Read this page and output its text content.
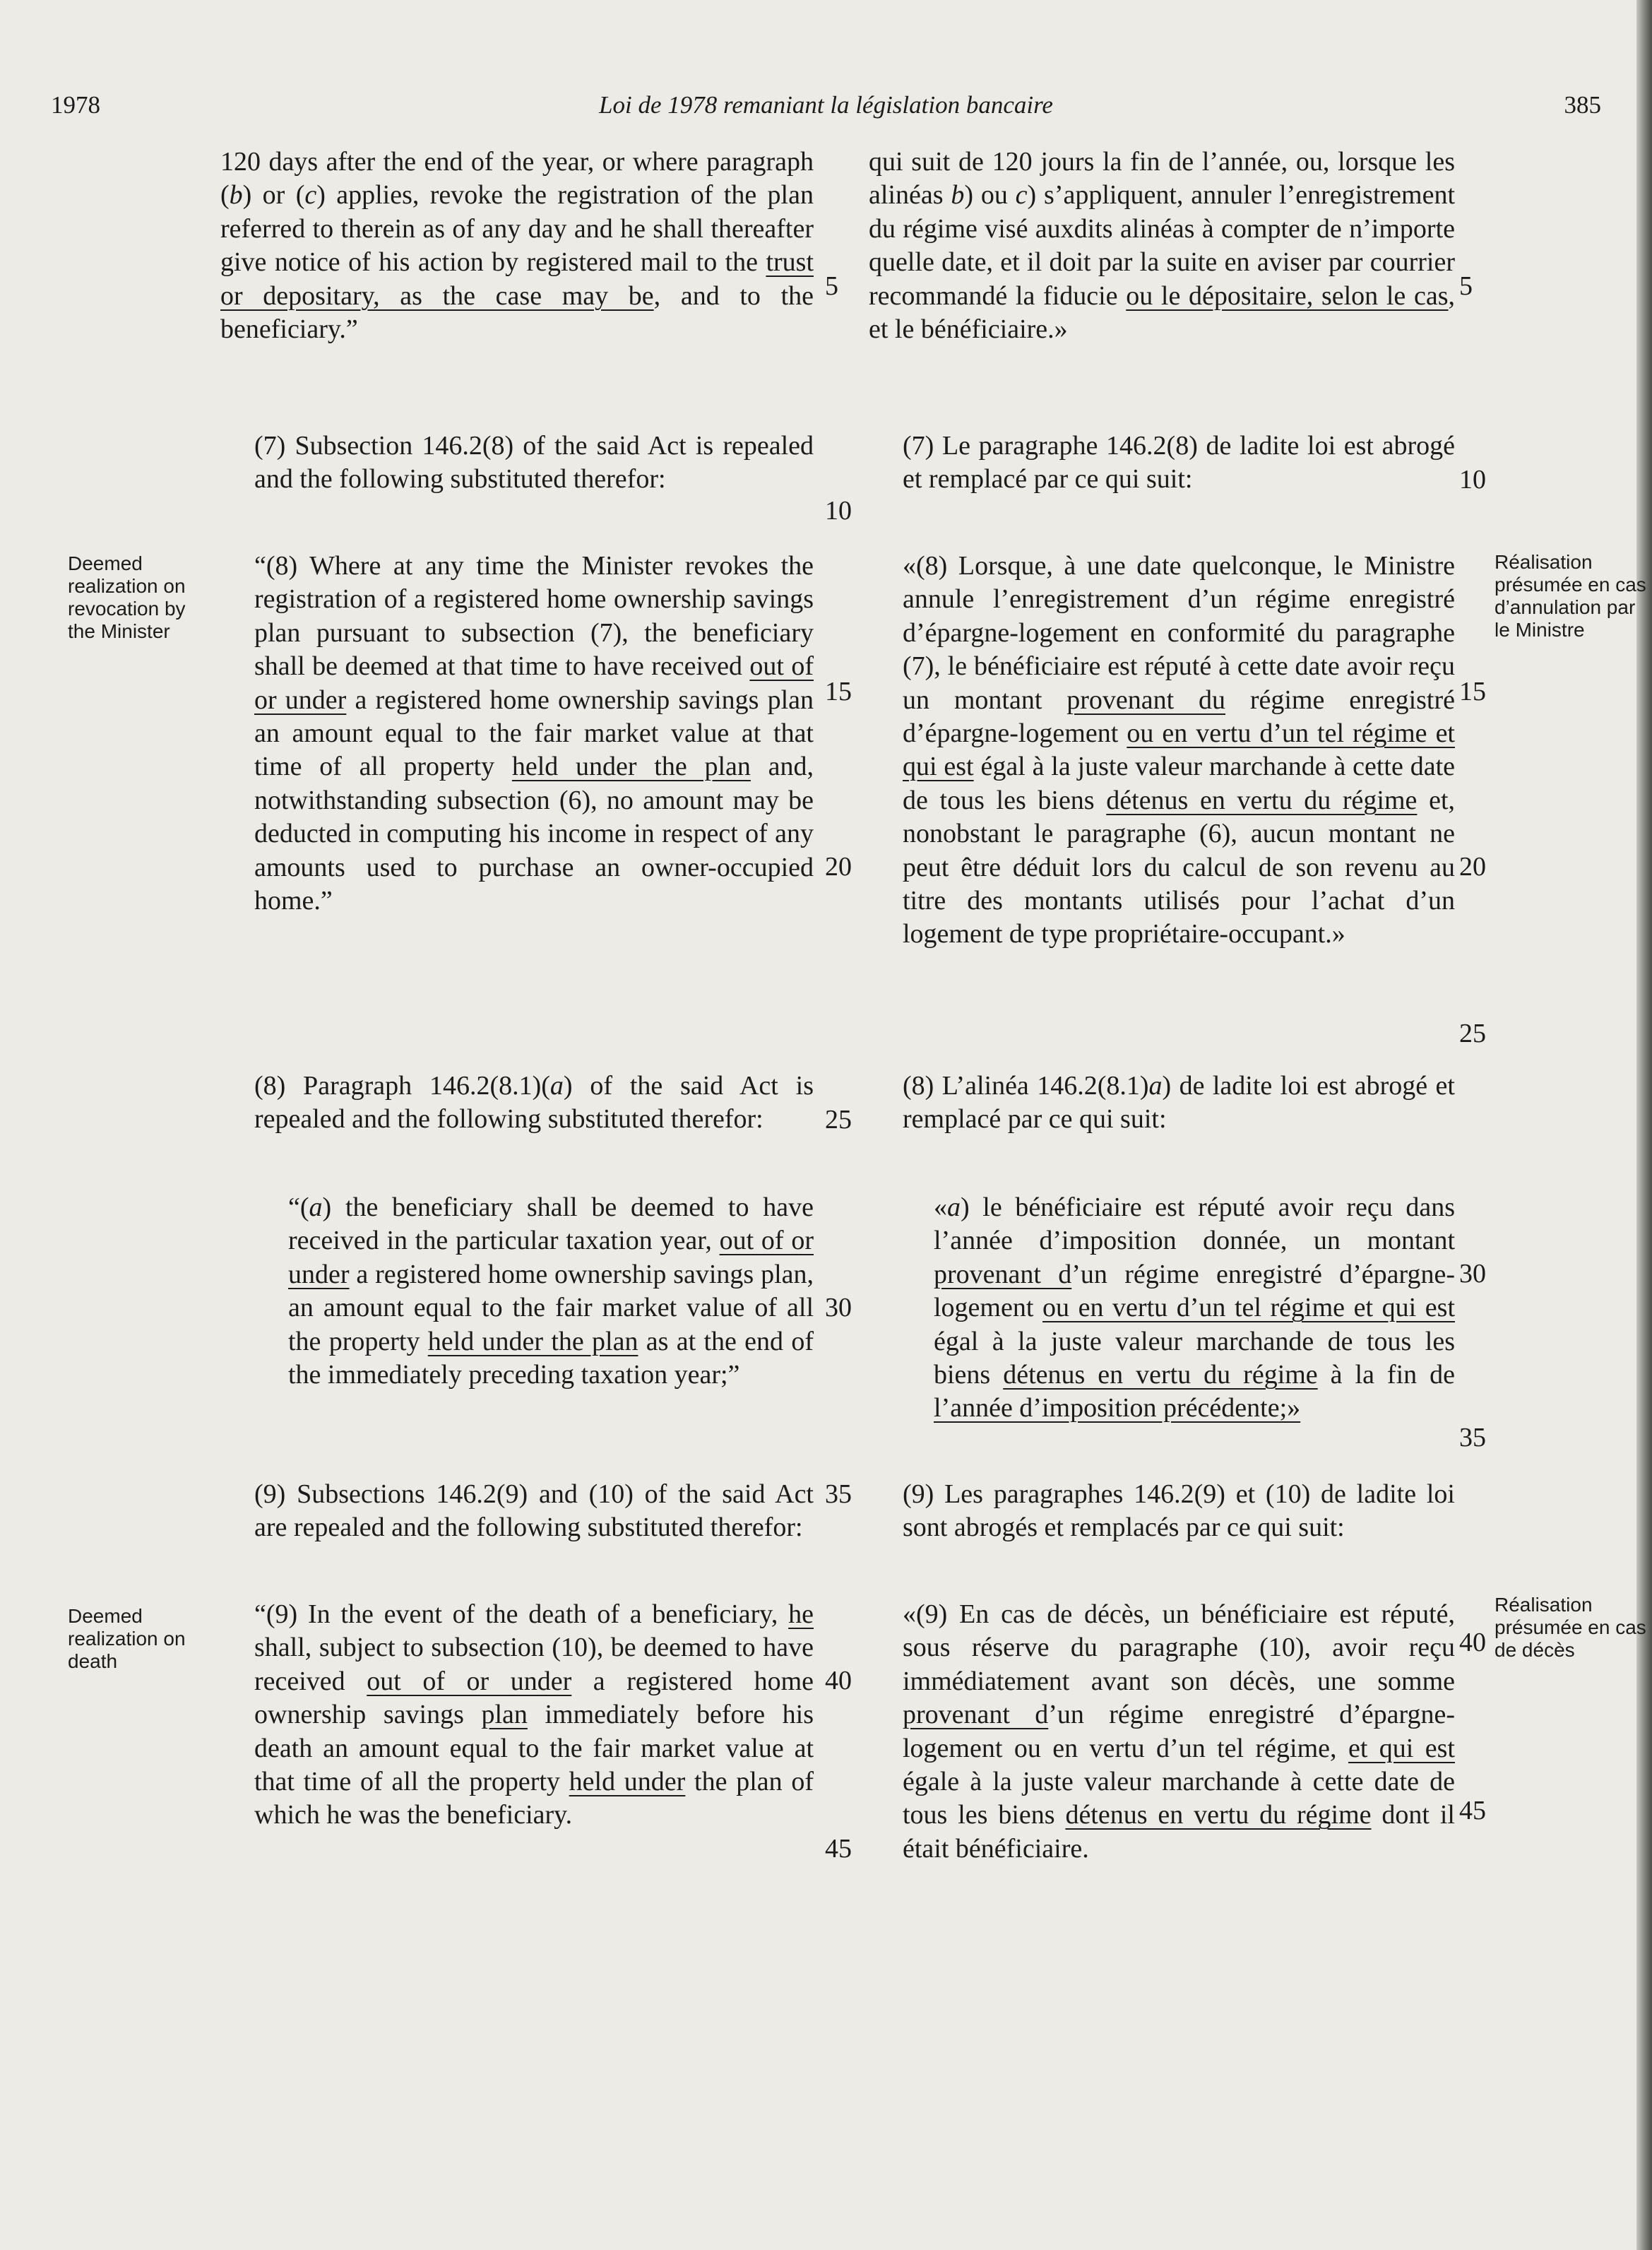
1978	Loi de 1978 remaniant la législation bancaire	385

120 days after the end of the year, or where paragraph (b) or (c) applies, revoke the registration of the plan referred to therein as of any day and he shall thereafter give notice of his action by registered mail to the trust or depositary, as the case may be, and to the beneficiary.”

(7) Subsection 146.2(8) of the said Act is repealed and the following substituted therefor:

“(8) Where at any time the Minister revokes the registration of a registered home ownership savings plan pursuant to subsection (7), the beneficiary shall be deemed at that time to have received out of or under a registered home ownership savings plan an amount equal to the fair market value at that time of all property held under the plan and, notwithstanding subsection (6), no amount may be deducted in computing his income in respect of any amounts used to purchase an owner-occupied home.”

(8) Paragraph 146.2(8.1)(a) of the said Act is repealed and the following substituted therefor:

“(a) the beneficiary shall be deemed to have received in the particular taxation year, out of or under a registered home ownership savings plan, an amount equal to the fair market value of all the property held under the plan as at the end of the immediately preceding taxation year;”

(9) Subsections 146.2(9) and (10) of the said Act are repealed and the following substituted therefor:

“(9) In the event of the death of a beneficiary, he shall, subject to subsection (10), be deemed to have received out of or under a registered home ownership savings plan immediately before his death an amount equal to the fair market value at that time of all the property held under the plan of which he was the beneficiary.

qui suit de 120 jours la fin de l’année, ou, lorsque les alinéas b) ou c) s’appliquent, annuler l’enregistrement du régime visé auxdits alinéas à compter de n’importe quelle date, et il doit par la suite en aviser par courrier recommandé la fiducie ou le dépositaire, selon le cas, et le bénéficiaire.»

(7) Le paragraphe 146.2(8) de ladite loi est abrogé et remplacé par ce qui suit:

«(8) Lorsque, à une date quelconque, le Ministre annule l’enregistrement d’un régime enregistré d’épargne-logement en conformité du paragraphe (7), le bénéficiaire est réputé à cette date avoir reçu un montant provenant du régime enregistré d’épargne-logement ou en vertu d’un tel régime et qui est égal à la juste valeur marchande à cette date de tous les biens détenus en vertu du régime et, nonobstant le paragraphe (6), aucun montant ne peut être déduit lors du calcul de son revenu au titre des montants utilisés pour l’achat d’un logement de type propriétaire-occupant.»

(8) L’alinéa 146.2(8.1)a) de ladite loi est abrogé et remplacé par ce qui suit:

«a) le bénéficiaire est réputé avoir reçu dans l’année d’imposition donnée, un montant provenant d’un régime enregistré d’épargne-logement ou en vertu d’un tel régime et qui est égal à la juste valeur marchande de tous les biens détenus en vertu du régime à la fin de l’année d’imposition précédente;»

(9) Les paragraphes 146.2(9) et (10) de ladite loi sont abrogés et remplacés par ce qui suit:

«(9) En cas de décès, un bénéficiaire est réputé, sous réserve du paragraphe (10), avoir reçu immédiatement avant son décès, une somme provenant d’un régime enregistré d’épargne-logement ou en vertu d’un tel régime, et qui est égale à la juste valeur marchande à cette date de tous les biens détenus en vertu du régime dont il était bénéficiaire.

5
10
15
20
25
30
35
40
45
5
10
15
20
25
30
35
40
45
Deemed realization on revocation by the Minister
Deemed realization on death
Réalisation présumée en cas d’annulation par le Ministre
Réalisation présumée en cas de décès
